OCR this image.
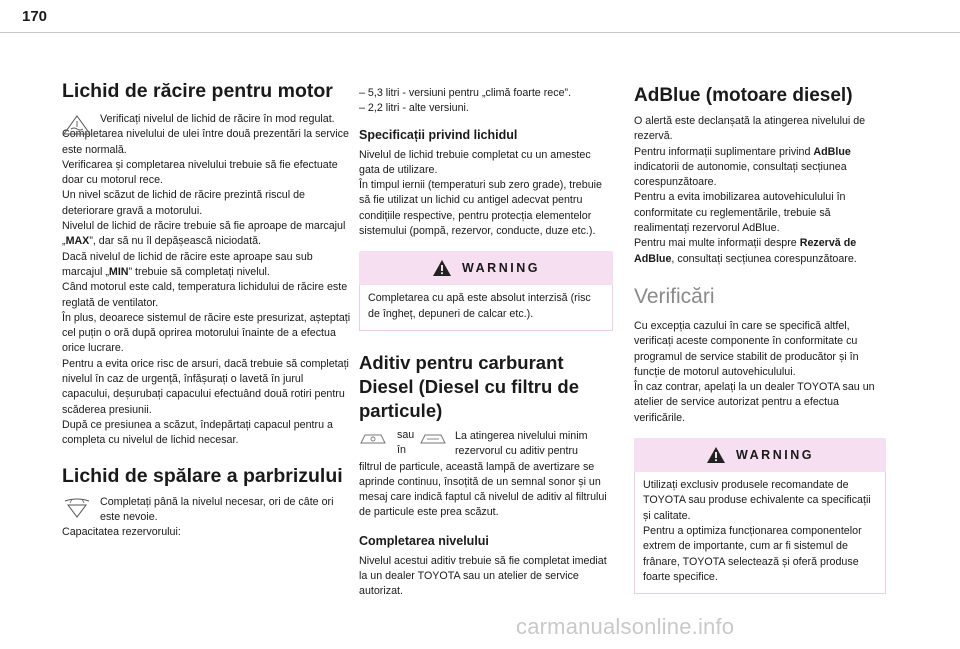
170
Lichid de răcire pentru motor

Verificați nivelul de lichid de răcire în mod regulat.

Completarea nivelului de ulei între două prezentări la service este normală.

Verificarea și completarea nivelului trebuie să fie efectuate doar cu motorul rece.

Un nivel scăzut de lichid de răcire prezintă riscul de deteriorare gravă a motorului.

Nivelul de lichid de răcire trebuie să fie aproape de marcajul „MAX”, dar să nu îl depășească niciodată.

Dacă nivelul de lichid de răcire este aproape sau sub marcajul „MIN” trebuie să completați nivelul.

Când motorul este cald, temperatura lichidului de răcire este reglată de ventilator.

În plus, deoarece sistemul de răcire este presurizat, așteptați cel puțin o oră după oprirea motorului înainte de a efectua orice lucrare.

Pentru a evita orice risc de arsuri, dacă trebuie să completați nivelul în caz de urgență, înfășurați o lavetă în jurul capacului, deșurubați capacului efectuând două rotiri pentru scăderea presiunii.

După ce presiunea a scăzut, îndepărtați capacul pentru a completa cu nivelul de lichid necesar.

Lichid de spălare a parbrizului

Completați până la nivelul necesar, ori de câte ori este nevoie.

Capacitatea rezervorului:

– 5,3 litri - versiuni pentru „climă foarte rece”.

– 2,2 litri - alte versiuni.

Specificații privind lichidul

Nivelul de lichid trebuie completat cu un amestec gata de utilizare.

În timpul iernii (temperaturi sub zero grade), trebuie să fie utilizat un lichid cu antigel adecvat pentru condițiile respective, pentru protecția elementelor sistemului (pompă, rezervor, conducte, duze etc.).

WARNING

Completarea cu apă este absolut interzisă (risc de îngheț, depuneri de calcar etc.).

Aditiv pentru carburant Diesel (Diesel cu filtru de particule)
sau
în

La atingerea nivelului minim rezervorul cu aditiv pentru

filtrul de particule, această lampă de avertizare se aprinde continuu, însoțită de un semnal sonor și un mesaj care indică faptul că nivelul de aditiv al filtrului de particule este prea scăzut.

Completarea nivelului

Nivelul acestui aditiv trebuie să fie completat imediat la un dealer TOYOTA sau un atelier de service autorizat.

AdBlue (motoare diesel)

O alertă este declanșată la atingerea nivelului de rezervă.

Pentru informații suplimentare privind AdBlue indicatorii de autonomie, consultați secțiunea corespunzătoare.

Pentru a evita imobilizarea autovehiculului în conformitate cu reglementările, trebuie să realimentați rezervorul AdBlue.

Pentru mai multe informații despre Rezervă de AdBlue, consultați secțiunea corespunzătoare.

Verificări

Cu excepția cazului în care se specifică altfel, verificați aceste componente în conformitate cu programul de service stabilit de producător și în funcție de motorul autovehiculului.

În caz contrar, apelați la un dealer TOYOTA sau un atelier de service autorizat pentru a efectua verificările.

WARNING

Utilizați exclusiv produsele recomandate de TOYOTA sau produse echivalente ca specificații și calitate.

Pentru a optimiza funcționarea componentelor extrem de importante, cum ar fi sistemul de frânare, TOYOTA selectează și oferă produse foarte specifice.

carmanualsonline.info
